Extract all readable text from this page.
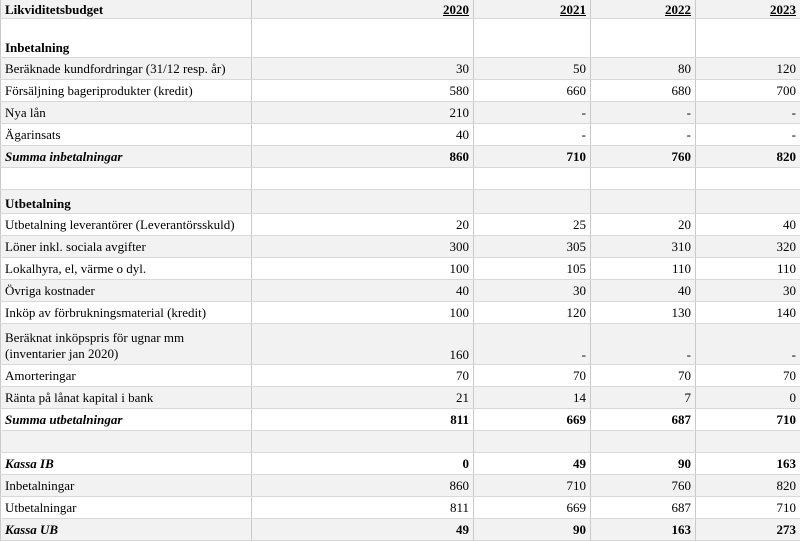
Likviditetsbudget	2020	2021	2022	2023
Inbetalning				
Beräknade kundfordringar (31/12 resp. år)	30	50	80	120
Försäljning bageriprodukter (kredit)	580	660	680	700
Nya lån	210	-	-	-
Ägarinsats	40	-	-	-
Summa inbetalningar	860	710	760	820

Utbetalning				
Utbetalning leverantörer (Leverantörsskuld)	20	25	20	40
Löner inkl. sociala avgifter	300	305	310	320
Lokalhyra, el, värme o dyl.	100	105	110	110
Övriga kostnader	40	30	40	30
Inköp av förbrukningsmaterial (kredit)	100	120	130	140
Beräknat inköpspris för ugnar mm (inventarier jan 2020)	160	-	-	-
Amorteringar	70	70	70	70
Ränta på lånat kapital i bank	21	14	7	0
Summa utbetalningar	811	669	687	710

Kassa IB	0	49	90	163
Inbetalningar	860	710	760	820
Utbetalningar	811	669	687	710
Kassa UB	49	90	163	273
